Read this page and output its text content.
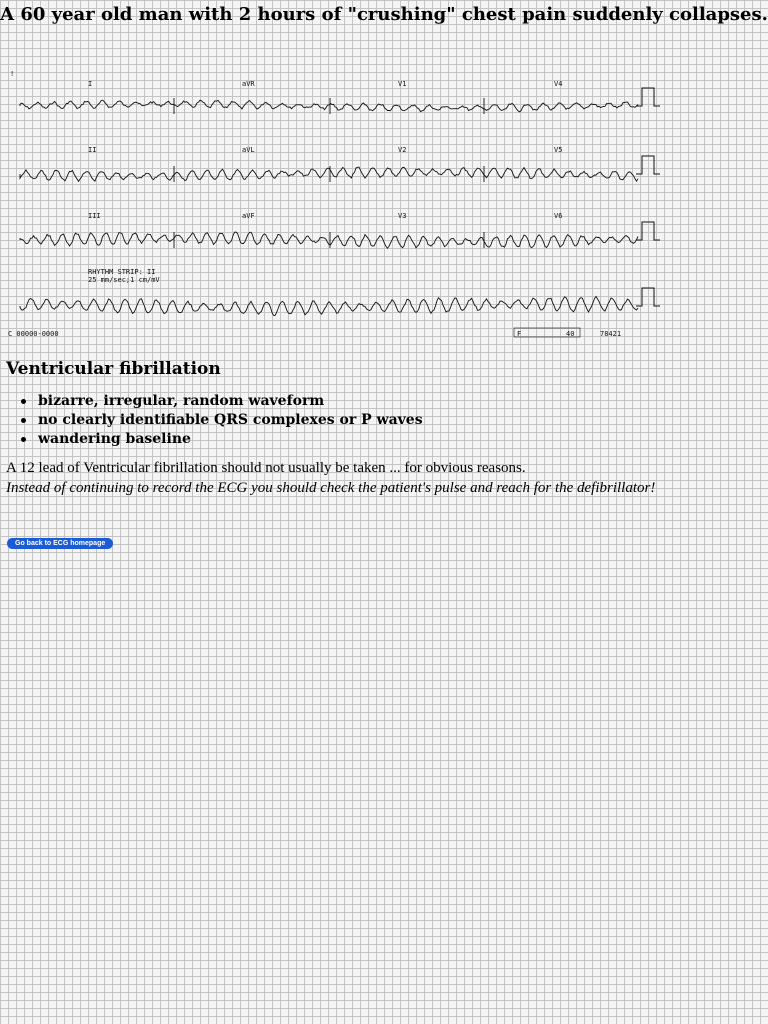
A 60 year old man with 2 hours of "crushing" chest pain suddenly collapses.
!
I	aVR	V1	V4
II	aVL	V2	V5
III	aVF	V3	V6
RHYTHM STRIP: II
25 mm/sec;1 cm/mV
C 00000-0000	F	40	78421
Ventricular fibrillation
bizarre, irregular, random waveform
no clearly identifiable QRS complexes or P waves
wandering baseline

A 12 lead of Ventricular fibrillation should not usually be taken ... for obvious reasons.

Instead of continuing to record the ECG you should check the patient's pulse and reach for the defibrillator!

Go back to ECG homepage
